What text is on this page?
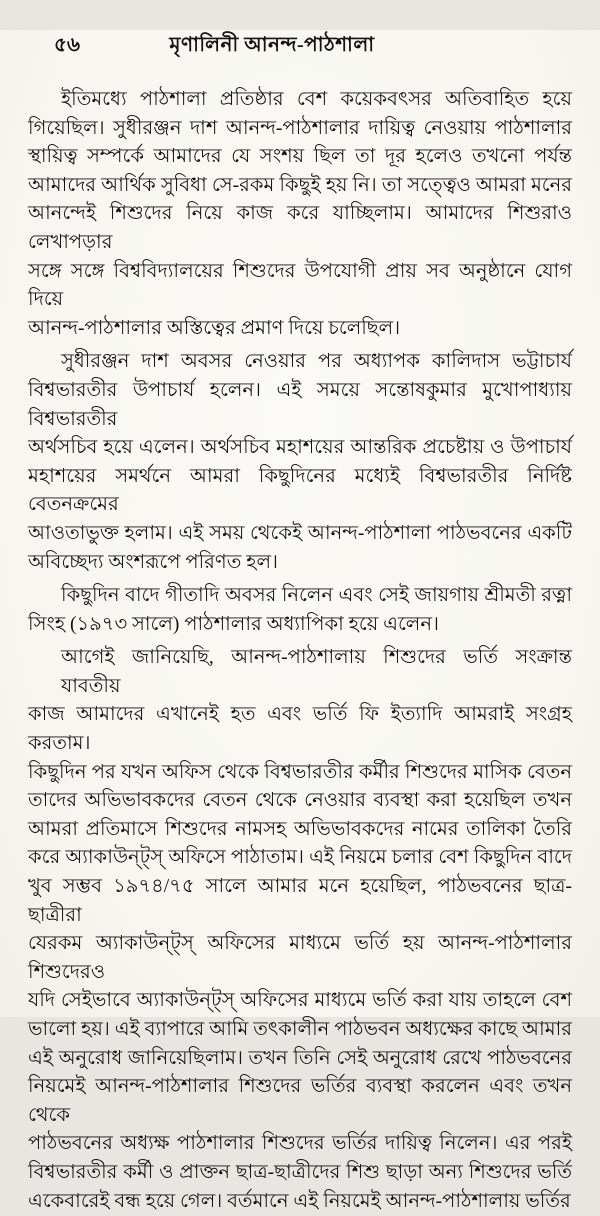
৫৬	মৃণালিনী আনন্দ-পাঠশালা
ইতিমধ্যে পাঠশালা প্রতিষ্ঠার বেশ কয়েকবৎসর অতিবাহিত হয়ে
গিয়েছিল। সুধীরঞ্জন দাশ আনন্দ-পাঠশালার দায়িত্ব নেওয়ায় পাঠশালার
স্থায়িত্ব সম্পর্কে আমাদের যে সংশয় ছিল তা দূর হলেও তখনো পর্যন্ত
আমাদের আর্থিক সুবিধা সে-রকম কিছুই হয় নি। তা সত্ত্বেও আমরা মনের
আনন্দেই শিশুদের নিয়ে কাজ করে যাচ্ছিলাম। আমাদের শিশুরাও লেখাপড়ার
সঙ্গে সঙ্গে বিশ্ববিদ্যালয়ের শিশুদের উপযোগী প্রায় সব অনুষ্ঠানে যোগ দিয়ে
আনন্দ-পাঠশালার অস্তিত্বের প্রমাণ দিয়ে চলেছিল।
সুধীরঞ্জন দাশ অবসর নেওয়ার পর অধ্যাপক কালিদাস ভট্টাচার্য
বিশ্বভারতীর উপাচার্য হলেন। এই সময়ে সন্তোষকুমার মুখোপাধ্যায় বিশ্বভারতীর
অর্থসচিব হয়ে এলেন। অর্থসচিব মহাশয়ের আন্তরিক প্রচেষ্টায় ও উপাচার্য
মহাশয়ের সমর্থনে আমরা কিছুদিনের মধ্যেই বিশ্বভারতীর নির্দিষ্ট বেতনক্রমের
আওতাভুক্ত হলাম। এই সময় থেকেই আনন্দ-পাঠশালা পাঠভবনের একটি
অবিচ্ছেদ্য অংশরূপে পরিণত হল।
কিছুদিন বাদে গীতাদি অবসর নিলেন এবং সেই জায়গায় শ্রীমতী রত্না
সিংহ (১৯৭৩ সালে) পাঠশালার অধ্যাপিকা হয়ে এলেন।
আগেই জানিয়েছি, আনন্দ-পাঠশালায় শিশুদের ভর্তি সংক্রান্ত যাবতীয়
কাজ আমাদের এখানেই হত এবং ভর্তি ফি ইত্যাদি আমরাই সংগ্রহ করতাম।
কিছুদিন পর যখন অফিস থেকে বিশ্বভারতীর কর্মীর শিশুদের মাসিক বেতন
তাদের অভিভাবকদের বেতন থেকে নেওয়ার ব্যবস্থা করা হয়েছিল তখন
আমরা প্রতিমাসে শিশুদের নামসহ অভিভাবকদের নামের তালিকা তৈরি
করে অ্যাকাউন্ট্স্ অফিসে পাঠাতাম। এই নিয়মে চলার বেশ কিছুদিন বাদে
খুব সম্ভব ১৯৭৪/৭৫ সালে আমার মনে হয়েছিল, পাঠভবনের ছাত্র-ছাত্রীরা
যেরকম অ্যাকাউন্ট্স্ অফিসের মাধ্যমে ভর্তি হয় আনন্দ-পাঠশালার শিশুদেরও
যদি সেইভাবে অ্যাকাউন্ট্স্ অফিসের মাধ্যমে ভর্তি করা যায় তাহলে বেশ
ভালো হয়। এই ব্যাপারে আমি তৎকালীন পাঠভবন অধ্যক্ষের কাছে আমার
এই অনুরোধ জানিয়েছিলাম। তখন তিনি সেই অনুরোধ রেখে পাঠভবনের
নিয়মেই আনন্দ-পাঠশালার শিশুদের ভর্তির ব্যবস্থা করলেন এবং তখন থেকে
পাঠভবনের অধ্যক্ষ পাঠশালার শিশুদের ভর্তির দায়িত্ব নিলেন। এর পরই
বিশ্বভারতীর কর্মী ও প্রাক্তন ছাত্র-ছাত্রীদের শিশু ছাড়া অন্য শিশুদের ভর্তি
একেবারেই বন্ধ হয়ে গেল। বর্তমানে এই নিয়মেই আনন্দ-পাঠশালায় ভর্তির
